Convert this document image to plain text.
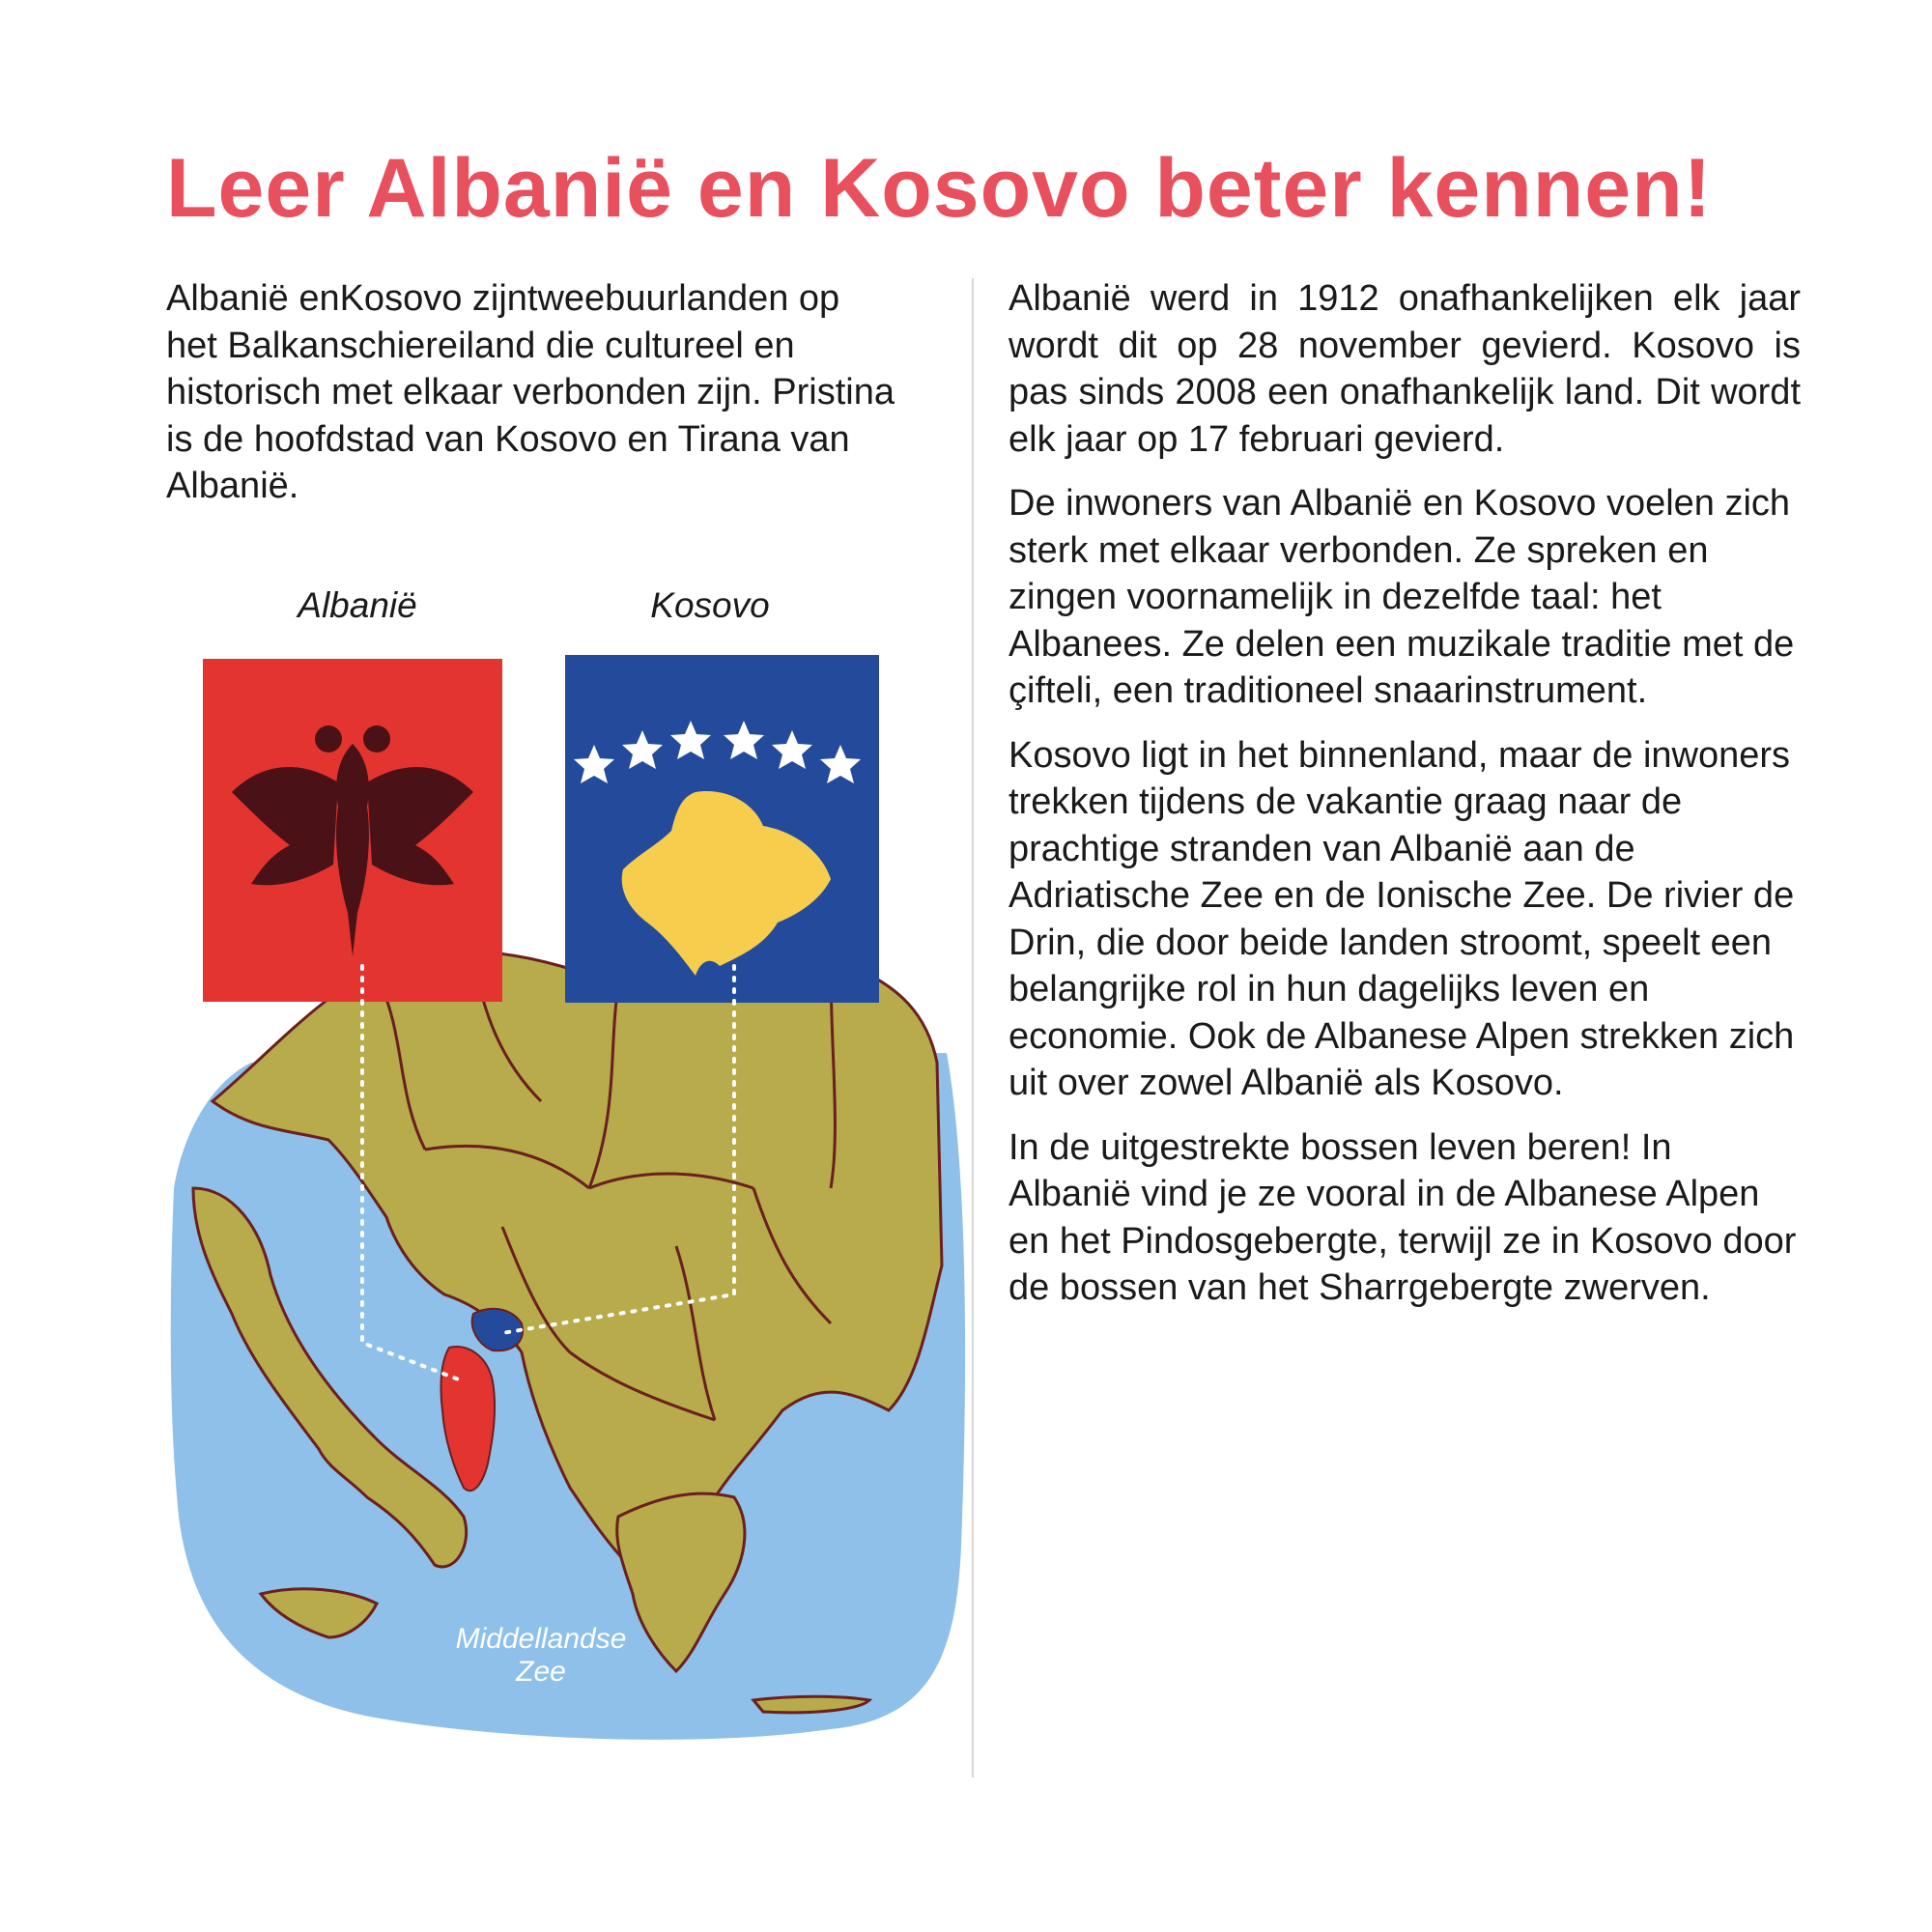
Leer Albanië en Kosovo beter kennen!

Albanië enKosovo zijntweebuurlanden op het Balkanschiereiland die cultureel en historisch met elkaar verbonden zijn. Pristina is de hoofdstad van Kosovo en Tirana van Albanië.

Albanië werd in 1912 onafhankelijken elk jaar wordt dit op 28 november gevierd. Kosovo is pas sinds 2008 een onafhankelijk land. Dit wordt elk jaar op 17 februari gevierd.

De inwoners van Albanië en Kosovo voelen zich sterk met elkaar verbonden. Ze spreken en zingen voornamelijk in dezelfde taal: het Albanees. Ze delen een muzikale traditie met de çifteli, een traditioneel snaarinstrument.

Kosovo ligt in het binnenland, maar de inwoners trekken tijdens de vakantie graag naar de prachtige stranden van Albanië aan de Adriatische Zee en de Ionische Zee. De rivier de Drin, die door beide landen stroomt, speelt een belangrijke rol in hun dagelijks leven en economie. Ook de Albanese Alpen strekken zich uit over zowel Albanië als Kosovo.

In de uitgestrekte bossen leven beren! In Albanië vind je ze vooral in de Albanese Alpen en het Pindosgebergte, terwijl ze in Kosovo door de bossen van het Sharrgebergte zwerven.

Albanië	Kosovo
Middellandse
Zee
